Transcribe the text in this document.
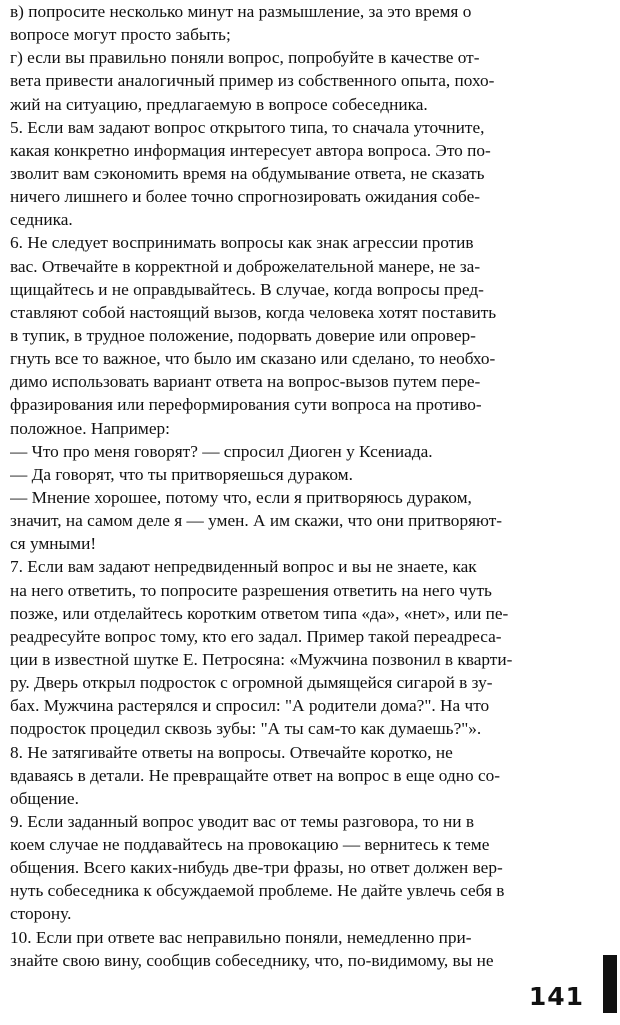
в) попросите несколько минут на размышление, за это время о
вопросе могут просто забыть;
г) если вы правильно поняли вопрос, попробуйте в качестве от-
вета привести аналогичный пример из собственного опыта, похо-
жий на ситуацию, предлагаемую в вопросе собеседника.
5. Если вам задают вопрос открытого типа, то сначала уточните,
какая конкретно информация интересует автора вопроса. Это по-
зволит вам сэкономить время на обдумывание ответа, не сказать
ничего лишнего и более точно спрогнозировать ожидания собе-
седника.
6. Не следует воспринимать вопросы как знак агрессии против
вас. Отвечайте в корректной и доброжелательной манере, не за-
щищайтесь и не оправдывайтесь. В случае, когда вопросы пред-
ставляют собой настоящий вызов, когда человека хотят поставить
в тупик, в трудное положение, подорвать доверие или опровер-
гнуть все то важное, что было им сказано или сделано, то необхо-
димо использовать вариант ответа на вопрос-вызов путем пере-
фразирования или переформирования сути вопроса на противо-
положное. Например:
— Что про меня говорят? — спросил Диоген у Ксениада.
— Да говорят, что ты притворяешься дураком.
— Мнение хорошее, потому что, если я притворяюсь дураком,
значит, на самом деле я — умен. А им скажи, что они притворяют-
ся умными!
7. Если вам задают непредвиденный вопрос и вы не знаете, как
на него ответить, то попросите разрешения ответить на него чуть
позже, или отделайтесь коротким ответом типа «да», «нет», или пе-
реадресуйте вопрос тому, кто его задал. Пример такой переадреса-
ции в известной шутке Е. Петросяна: «Мужчина позвонил в кварти-
ру. Дверь открыл подросток с огромной дымящейся сигарой в зу-
бах. Мужчина растерялся и спросил: "А родители дома?". На что
подросток процедил сквозь зубы: "А ты сам-то как думаешь?"».
8. Не затягивайте ответы на вопросы. Отвечайте коротко, не
вдаваясь в детали. Не превращайте ответ на вопрос в еще одно со-
общение.
9. Если заданный вопрос уводит вас от темы разговора, то ни в
коем случае не поддавайтесь на провокацию — вернитесь к теме
общения. Всего каких-нибудь две-три фразы, но ответ должен вер-
нуть собеседника к обсуждаемой проблеме. Не дайте увлечь себя в
сторону.
10. Если при ответе вас неправильно поняли, немедленно при-
знайте свою вину, сообщив собеседнику, что, по-видимому, вы не
141
